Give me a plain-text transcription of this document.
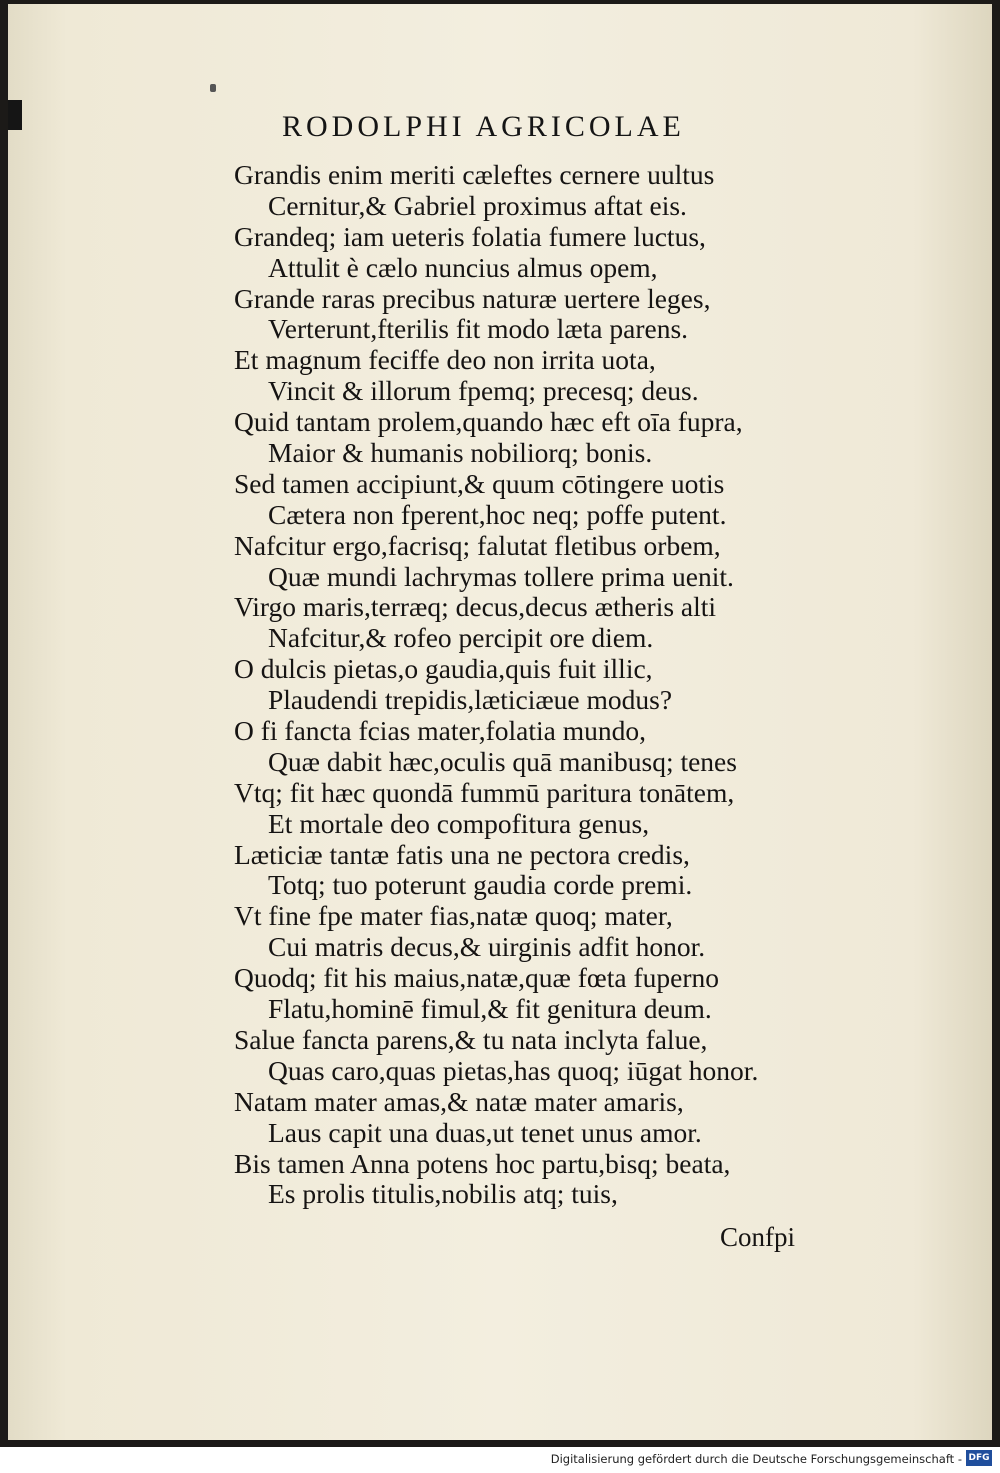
RODOLPHI AGRICOLAE
Grandis enim meriti cæleftes cernere uultus
Cernitur,& Gabriel proximus aftat eis.
Grandeq; iam ueteris folatia fumere luctus,
Attulit è cælo nuncius almus opem,
Grande raras precibus naturæ uertere leges,
Verterunt,fterilis fit modo læta parens.
Et magnum feciffe deo non irrita uota,
Vincit & illorum fpemq; precesq; deus.
Quid tantam prolem,quando hæc eft oīa fupra,
Maior & humanis nobiliorq; bonis.
Sed tamen accipiunt,& quum cōtingere uotis
Cætera non fperent,hoc neq; poffe putent.
Nafcitur ergo,facrisq; falutat fletibus orbem,
Quæ mundi lachrymas tollere prima uenit.
Virgo maris,terræq; decus,decus ætheris alti
Nafcitur,& rofeo percipit ore diem.
O dulcis pietas,o gaudia,quis fuit illic,
Plaudendi trepidis,læticiæue modus?
O fi fancta fcias mater,folatia mundo,
Quæ dabit hæc,oculis quā manibusq; tenes
Vtq; fit hæc quondā fummū paritura tonātem,
Et mortale deo compofitura genus,
Læticiæ tantæ fatis una ne pectora credis,
Totq; tuo poterunt gaudia corde premi.
Vt fine fpe mater fias,natæ quoq; mater,
Cui matris decus,& uirginis adfit honor.
Quodq; fit his maius,natæ,quæ fœta fuperno
Flatu,hominē fimul,& fit genitura deum.
Salue fancta parens,& tu nata inclyta falue,
Quas caro,quas pietas,has quoq; iūgat honor.
Natam mater amas,& natæ mater amaris,
Laus capit una duas,ut tenet unus amor.
Bis tamen Anna potens hoc partu,bisq; beata,
Es prolis titulis,nobilis atq; tuis,
Confpi
Digitalisierung gefördert durch die Deutsche Forschungsgemeinschaft - DFG
